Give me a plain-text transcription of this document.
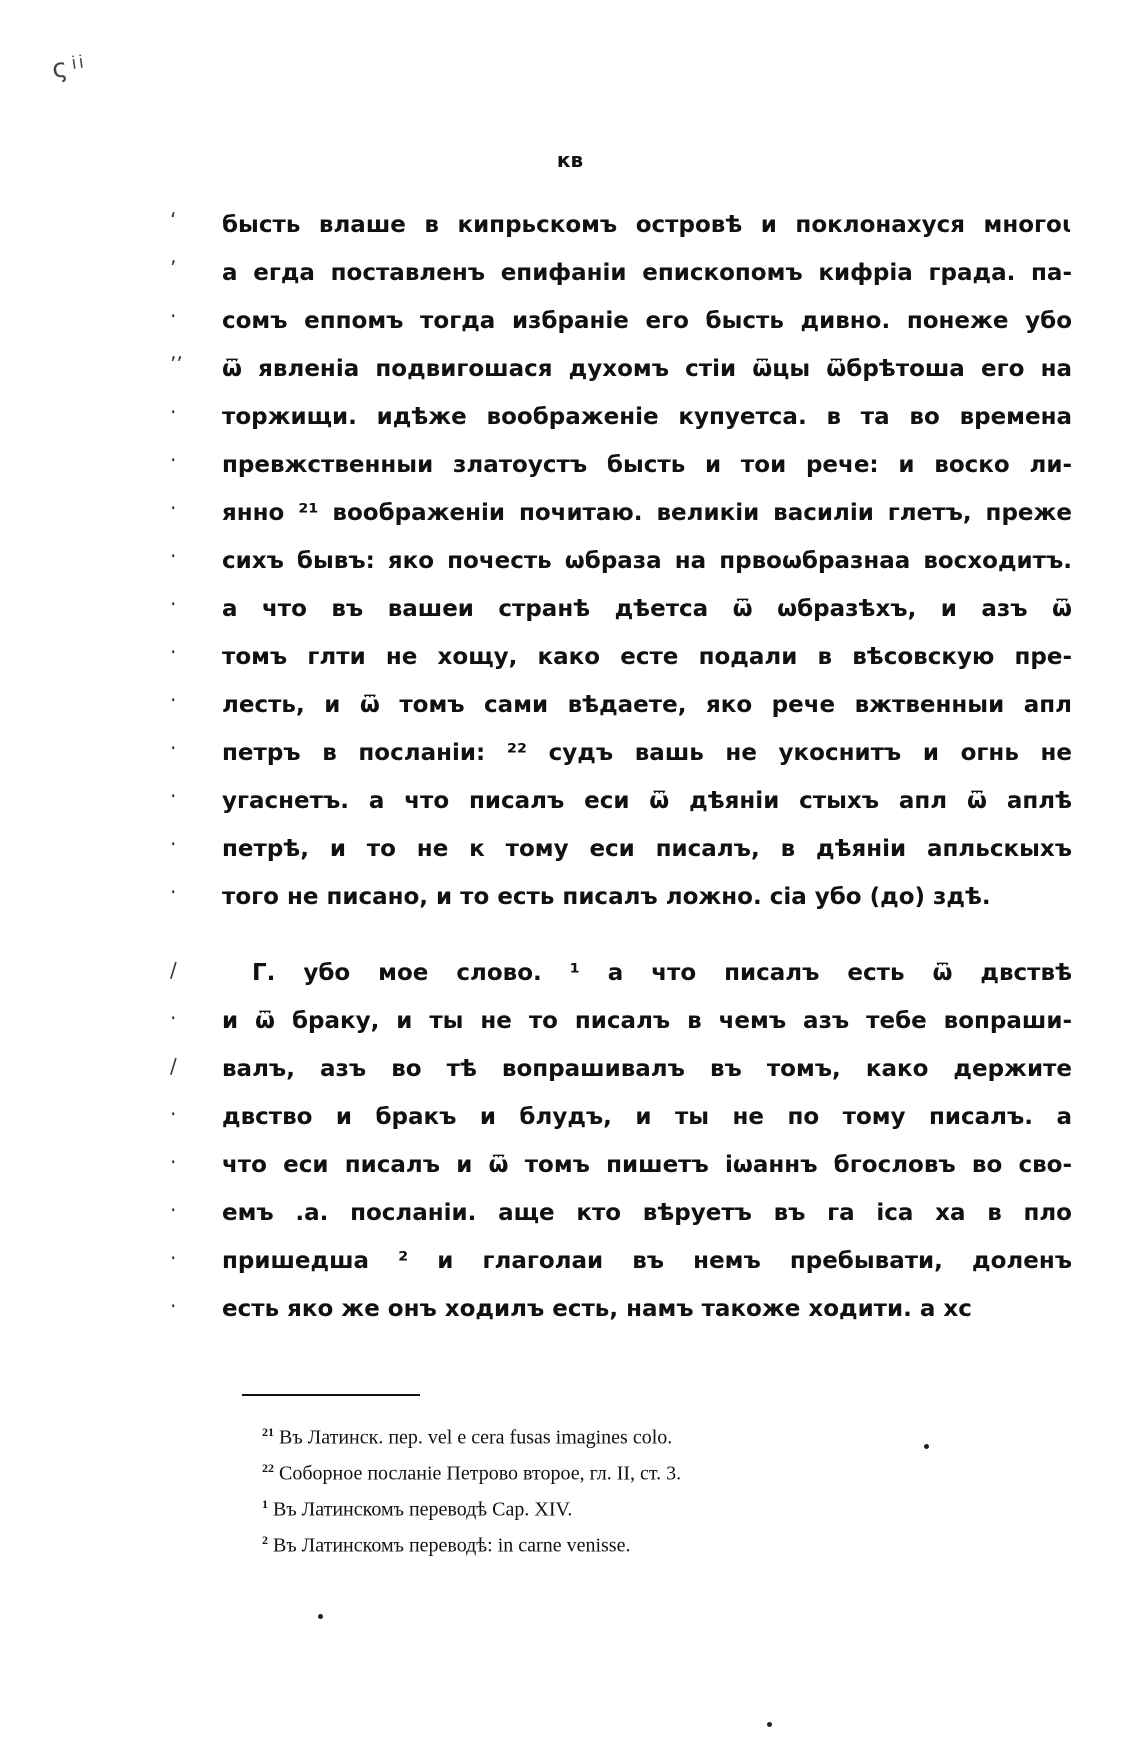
ς ͥ ͥ
кв
бысть влаше в кипрьскомъ островѣ и поклонахуся многоꙇ
а егда поставленъ епифанiи епископомъ кифрiа града. па-
сомъ еппомъ тогда избранiе его бысть дивно. понеже убо
ѿ явленiа подвигошася духомъ стiи ѿцы ѿбрѣтоша его на
торжищи. идѣже воображенiе купуетса. в та во времена
превжственныи златоустъ бысть и тои рече: и воско ли-
янно ²¹ воображенiи почитаю. великiи василiи глетъ, преже
сихъ бывъ: яко почесть ѡбраза на првоѡбразнаа восходитъ.
а что въ вашеи странѣ дѣетса ѿ ѡбразѣхъ, и азъ ѿ
томъ глти не хощу, како есте подали в вѣсовскую пре-
лесть, и ѿ томъ сами вѣдаете, яко рече вжтвенныи апл
петръ в посланiи: ²² судъ вашь не укоснитъ и огнь не
угаснетъ. а что писалъ еси ѿ дѣянiи стыхъ апл ѿ аплѣ
петрѣ, и то не к тому еси писалъ, в дѣянiи апльскыхъ
того не писано, и то есть писалъ ложно. сiа убо (до) здѣ.
Г. убо мое слово. ¹ а что писалъ есть ѿ двствѣ
и ѿ браку, и ты не то писалъ в чемъ азъ тебе вопраши-
валъ, азъ во тѣ вопрашивалъ въ томъ, како держите
двство и бракъ и блудъ, и ты не по тому писалъ. а
что еси писалъ и ѿ томъ пишетъ iѡаннъ бгословъ во сво-
емъ .а. посланiи. аще кто вѣруетъ въ га іса ха в пло
пришедша ² и глаголаи въ немъ пребывати, доленъ
есть яко же онъ ходилъ есть, намъ такоже ходити. а хс
‘
ʼ
·
ʼʼ
·
·
·
·
·
·
·
·
·
·
·
/
·
/
·
·
·
·
·
$^{21}$ Въ Латинск. пер. vel e cera fusas imagines colo.
$^{22}$ Соборное посланiе Петрово второе, гл. II, ст. 3.
$^1$ Въ Латинскомъ переводѣ Cap. XIV.
$^2$ Въ Латинскомъ переводѣ: in carne venisse.
